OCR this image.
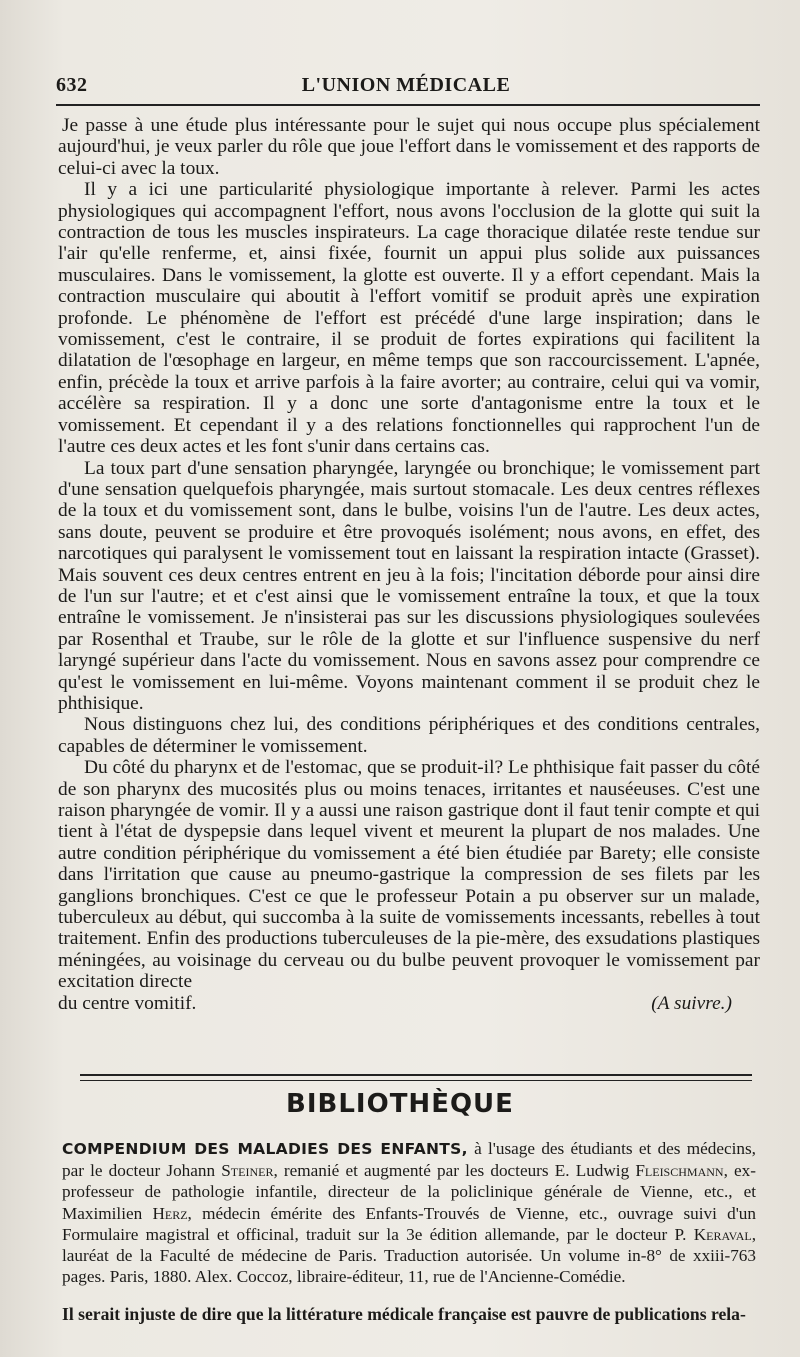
632	L'UNION MÉDICALE

Je passe à une étude plus intéressante pour le sujet qui nous occupe plus spécialement aujourd'hui, je veux parler du rôle que joue l'effort dans le vomissement et des rapports de celui-ci avec la toux.

Il y a ici une particularité physiologique importante à relever. Parmi les actes physiologiques qui accompagnent l'effort, nous avons l'occlusion de la glotte qui suit la contraction de tous les muscles inspirateurs. La cage thoracique dilatée reste tendue sur l'air qu'elle renferme, et, ainsi fixée, fournit un appui plus solide aux puissances musculaires. Dans le vomissement, la glotte est ouverte. Il y a effort cependant. Mais la contraction musculaire qui aboutit à l'effort vomitif se produit après une expiration profonde. Le phénomène de l'effort est précédé d'une large inspiration; dans le vomissement, c'est le contraire, il se produit de fortes expirations qui facilitent la dilatation de l'œsophage en largeur, en même temps que son raccourcissement. L'apnée, enfin, précède la toux et arrive parfois à la faire avorter; au contraire, celui qui va vomir, accélère sa respiration. Il y a donc une sorte d'antagonisme entre la toux et le vomissement. Et cependant il y a des relations fonctionnelles qui rapprochent l'un de l'autre ces deux actes et les font s'unir dans certains cas.

La toux part d'une sensation pharyngée, laryngée ou bronchique; le vomissement part d'une sensation quelquefois pharyngée, mais surtout stomacale. Les deux centres réflexes de la toux et du vomissement sont, dans le bulbe, voisins l'un de l'autre. Les deux actes, sans doute, peuvent se produire et être provoqués isolément; nous avons, en effet, des narcotiques qui paralysent le vomissement tout en laissant la respiration intacte (Grasset). Mais souvent ces deux centres entrent en jeu à la fois; l'incitation déborde pour ainsi dire de l'un sur l'autre; et et c'est ainsi que le vomissement entraîne la toux, et que la toux entraîne le vomissement. Je n'insisterai pas sur les discussions physiologiques soulevées par Rosenthal et Traube, sur le rôle de la glotte et sur l'influence suspensive du nerf laryngé supérieur dans l'acte du vomissement. Nous en savons assez pour comprendre ce qu'est le vomissement en lui-même. Voyons maintenant comment il se produit chez le phthisique.

Nous distinguons chez lui, des conditions périphériques et des conditions centrales, capables de déterminer le vomissement.

Du côté du pharynx et de l'estomac, que se produit-il? Le phthisique fait passer du côté de son pharynx des mucosités plus ou moins tenaces, irritantes et nauséeuses. C'est une raison pharyngée de vomir. Il y a aussi une raison gastrique dont il faut tenir compte et qui tient à l'état de dyspepsie dans lequel vivent et meurent la plupart de nos malades. Une autre condition périphérique du vomissement a été bien étudiée par Barety; elle consiste dans l'irritation que cause au pneumo-gastrique la compression de ses filets par les ganglions bronchiques. C'est ce que le professeur Potain a pu observer sur un malade, tuberculeux au début, qui succomba à la suite de vomissements incessants, rebelles à tout traitement. Enfin des productions tuberculeuses de la pie-mère, des exsudations plastiques méningées, au voisinage du cerveau ou du bulbe peuvent provoquer le vomissement par excitation directe

du centre vomitif.	(A suivre.)
BIBLIOTHÈQUE
COMPENDIUM DES MALADIES DES ENFANTS, à l'usage des étudiants et des médecins, par le docteur Johann Steiner, remanié et augmenté par les docteurs E. Ludwig Fleischmann, ex-professeur de pathologie infantile, directeur de la policlinique générale de Vienne, etc., et Maximilien Herz, médecin émérite des Enfants-Trouvés de Vienne, etc., ouvrage suivi d'un Formulaire magistral et officinal, traduit sur la 3e édition allemande, par le docteur P. Keraval, lauréat de la Faculté de médecine de Paris. Traduction autorisée. Un volume in-8° de xxiii-763 pages. Paris, 1880. Alex. Coccoz, libraire-éditeur, 11, rue de l'Ancienne-Comédie.
Il serait injuste de dire que la littérature médicale française est pauvre de publications rela-
